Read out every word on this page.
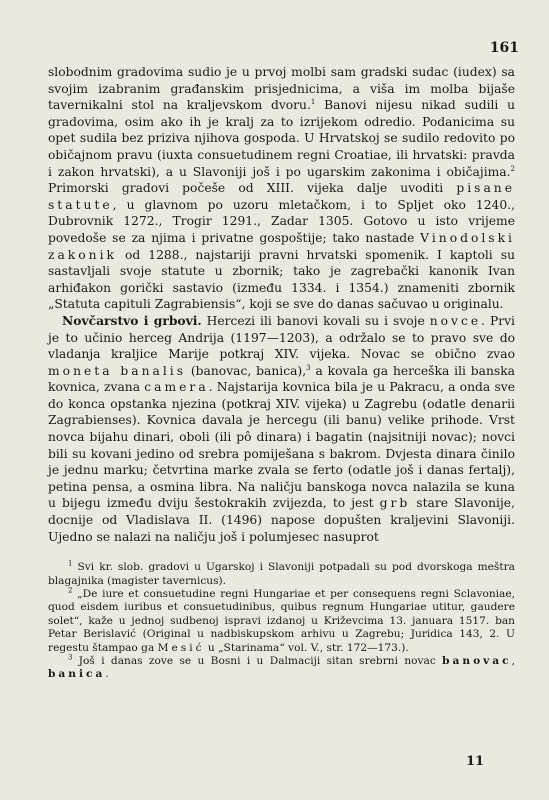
161

slobodnim gradovima sudio je u prvoj molbi sam gradski sudac (iudex) sa svojim izabranim građanskim prisjednicima, a viša im molba bijaše tavernikalni stol na kraljevskom dvoru.$^1$ Banovi nijesu nikad sudili u gradovima, osim ako ih je kralj za to izrijekom odredio. Podanicima su opet sudila bez priziva njihova gospoda. U Hrvatskoj se sudilo redovito po običajnom pravu (iuxta consuetudinem regni Croatiae, ili hrvatski: pravda i zakon hrvatski), a u Slavoniji još i po ugarskim zakonima i običajima.$^2$ Primorski gradovi počeše od XIII. vijeka dalje uvoditi pisane statute, u glavnom po uzoru mletačkom, i to Spljet oko 1240., Dubrovnik 1272., Trogir 1291., Zadar 1305. Gotovo u isto vrijeme povedoše se za njima i privatne gospoštije; tako nastade Vinodolski zakonik od 1288., najstariji pravni hrvatski spomenik. I kaptoli su sastavljali svoje statute u zbornik; tako je zagrebački kanonik Ivan arhiđakon gorički sastavio (između 1334. i 1354.) znameniti zbornik „Statuta capituli Zagrabiensis“, koji se sve do danas sačuvao u originalu.

Novčarstvo i grbovi. Hercezi ili banovi kovali su i svoje novce. Prvi je to učinio herceg Andrija (1197—1203), a održalo se to pravo sve do vladanja kraljice Marije potkraj XIV. vijeka. Novac se obično zvao moneta banalis (banovac, banica),$^3$ a kovala ga herceška ili banska kovnica, zvana camera. Najstarija kovnica bila je u Pakracu, a onda sve do konca opstanka njezina (potkraj XIV. vijeka) u Zagrebu (odatle denarii Zagrabienses). Kovnica davala je hercegu (ili banu) velike prihode. Vrst novca bijahu dinari, oboli (ili pô dinara) i bagatin (najsitniji novac); novci bili su kovani jedino od srebra pomiješana s bakrom. Dvjesta dinara činilo je jednu marku; četvrtina marke zvala se ferto (odatle još i danas fertalj), petina pensa, a osmina libra. Na naličju banskoga novca nalazila se kuna u bijegu između dviju šestokrakih zvijezda, to jest grb stare Slavonije, docnije od Vladislava II. (1496) napose dopušten kraljevini Slavoniji. Ujedno se nalazi na naličju još i polumjesec nasuprot

$^1$ Svi kr. slob. gradovi u Ugarskoj i Slavoniji potpadali su pod dvorskoga meštra blagajnika (magister tavernicus).

$^2$ „De iure et consuetudine regni Hungariae et per consequens regni Sclavoniae, quod eisdem iuribus et consuetudinibus, quibus regnum Hungariae utitur, gaudere solet“, kaže u jednoj sudbenoj ispravi izdanoj u Križevcima 13. januara 1517. ban Petar Berislavić (Original u nadbiskupskom arhivu u Zagrebu; Juridica 143, 2. U regestu štampao ga Mesić u „Starinama“ vol. V., str. 172—173.).

$^3$ Još i danas zove se u Bosni i u Dalmaciji sitan srebrni novac banovac, banica.

11
